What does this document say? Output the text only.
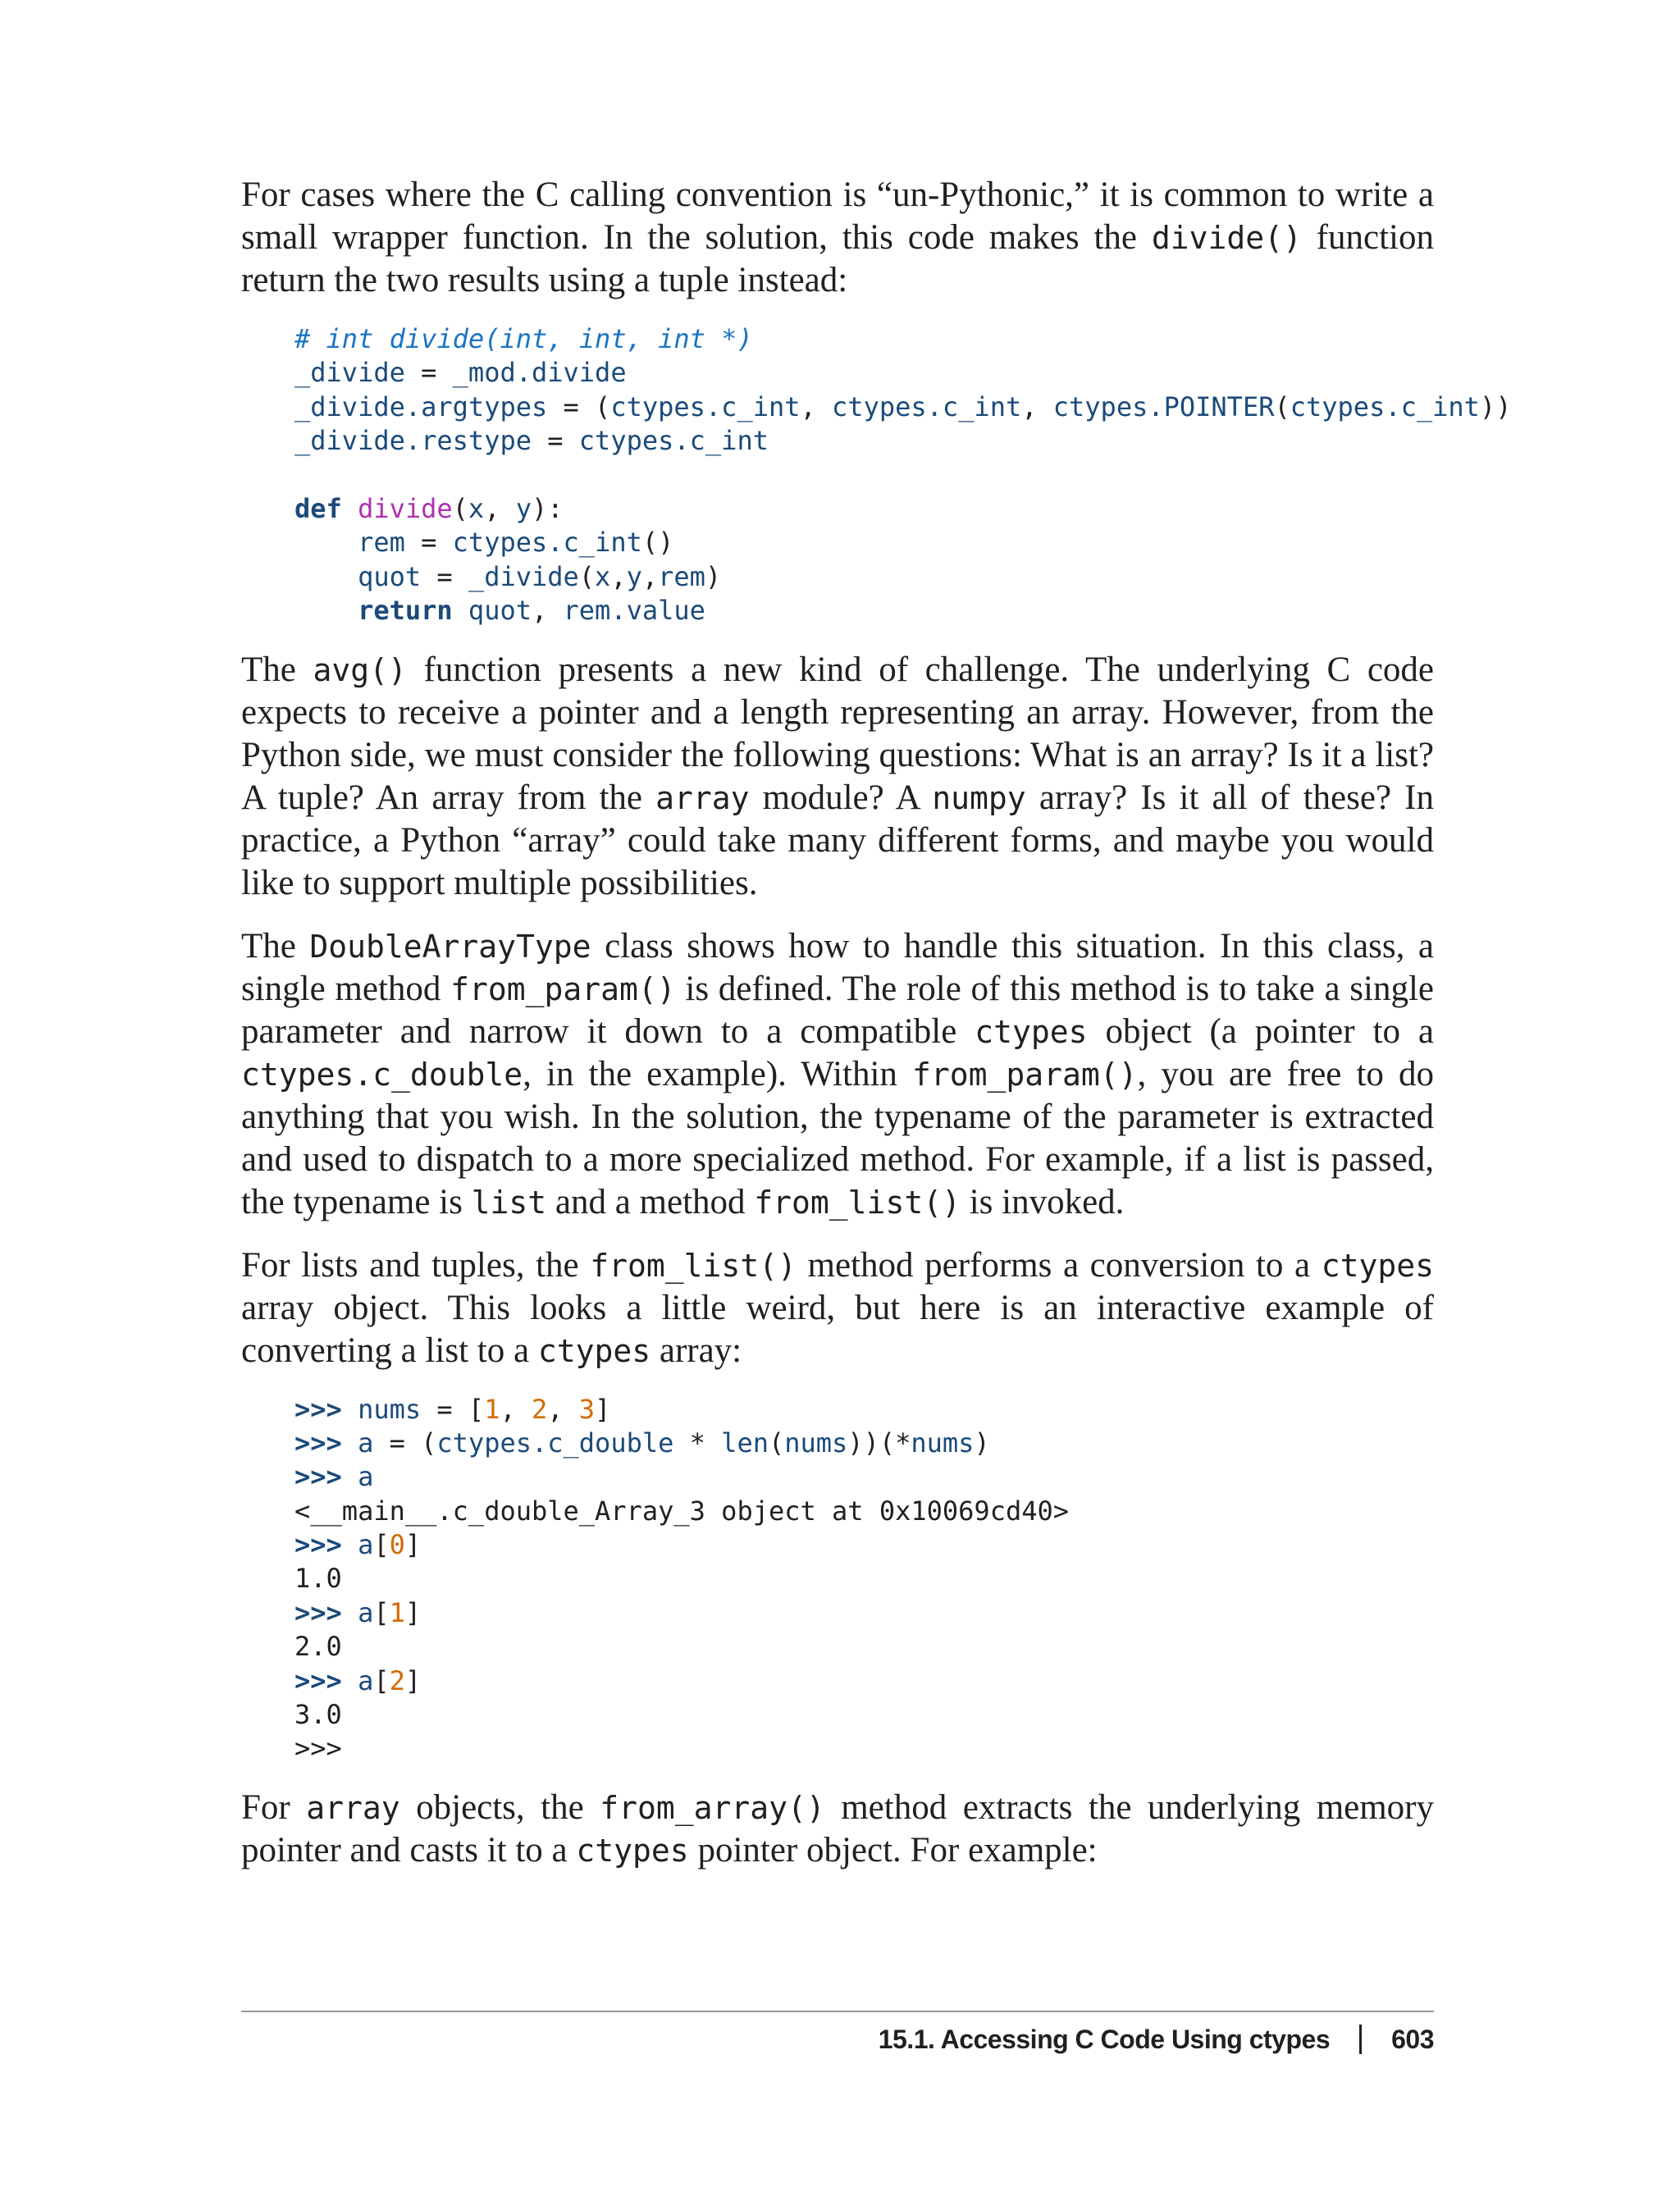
For cases where the C calling convention is “un-Pythonic,” it is common to write a small wrapper function. In the solution, this code makes the divide() function return the two results using a tuple instead:

# int divide(int, int, int *)
_divide = _mod.divide
_divide.argtypes = (ctypes.c_int, ctypes.c_int, ctypes.POINTER(ctypes.c_int))
_divide.restype = ctypes.c_int
def divide(x, y):
rem = ctypes.c_int()
quot = _divide(x,y,rem)
return quot, rem.value

The avg() function presents a new kind of challenge. The underlying C code expects to receive a pointer and a length representing an array. However, from the Python side, we must consider the following questions: What is an array? Is it a list? A tuple? An array from the array module? A numpy array? Is it all of these? In practice, a Python “array” could take many different forms, and maybe you would like to support multiple possibilities.

The DoubleArrayType class shows how to handle this situation. In this class, a single method from_param() is defined. The role of this method is to take a single parameter and narrow it down to a compatible ctypes object (a pointer to a ctypes.c_double, in the example). Within from_param(), you are free to do anything that you wish. In the solution, the typename of the parameter is extracted and used to dispatch to a more specialized method. For example, if a list is passed, the typename is list and a method from_list() is invoked.

For lists and tuples, the from_list() method performs a conversion to a ctypes array object. This looks a little weird, but here is an interactive example of converting a list to a ctypes array:

>>> nums = [1, 2, 3]
>>> a = (ctypes.c_double * len(nums))(*nums)
>>> a
<__main__.c_double_Array_3 object at 0x10069cd40>
>>> a[0]
1.0
>>> a[1]
2.0
>>> a[2]
3.0
>>>

For array objects, the from_array() method extracts the underlying memory pointer and casts it to a ctypes pointer object. For example:

15.1. Accessing C Code Using ctypes 603
